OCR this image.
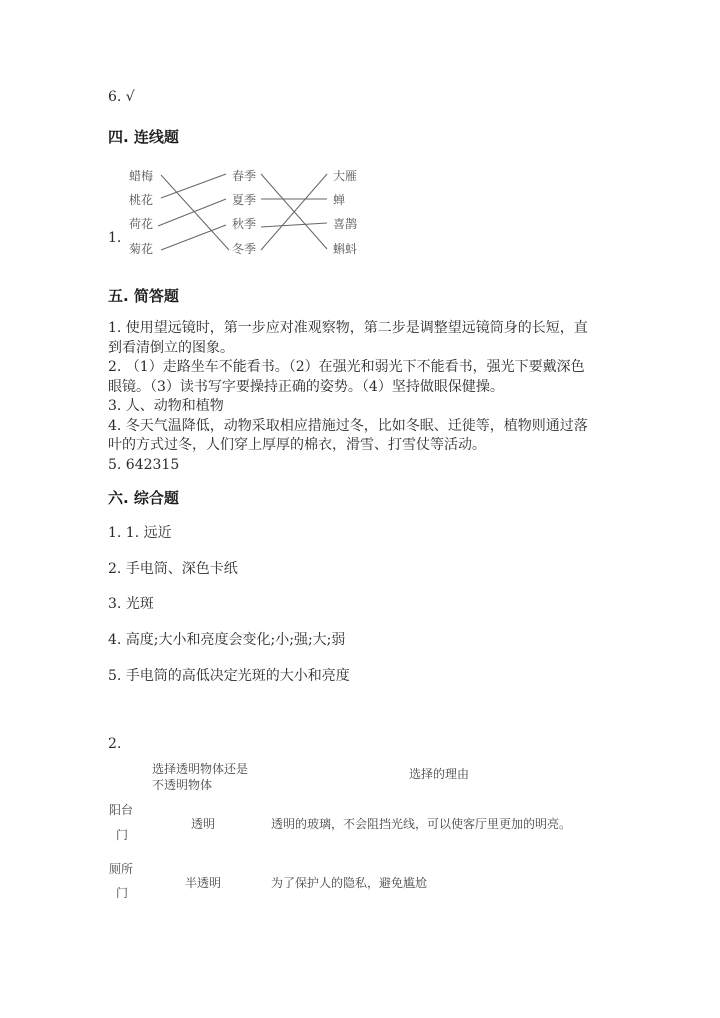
6. √
四. 连线题
1.
蜡梅
桃花
荷花
菊花
春季
夏季
秋季
冬季
大雁
蝉
喜鹊
蝌蚪
五. 简答题
1. 使用望远镜时，第一步应对准观察物，第二步是调整望远镜筒身的长短，直
到看清倒立的图象。
2. （1）走路坐车不能看书。（2）在强光和弱光下不能看书，强光下要戴深色
眼镜。（3）读书写字要操持正确的姿势。（4）坚持做眼保健操。
3. 人、动物和植物
4. 冬天气温降低，动物采取相应措施过冬，比如冬眠、迁徙等，植物则通过落
叶的方式过冬，人们穿上厚厚的棉衣，滑雪、打雪仗等活动。
5. 642315
六. 综合题
1. 1. 远近
2. 手电筒、深色卡纸
3. 光斑
4. 高度;大小和亮度会变化;小;强;大;弱
5. 手电筒的高低决定光斑的大小和亮度
2.
选择透明物体还是
不透明物体
选择的理由
阳台
门
透明	透明的玻璃，不会阻挡光线，可以使客厅里更加的明亮。
厕所
门
半透明	为了保护人的隐私，避免尴尬
